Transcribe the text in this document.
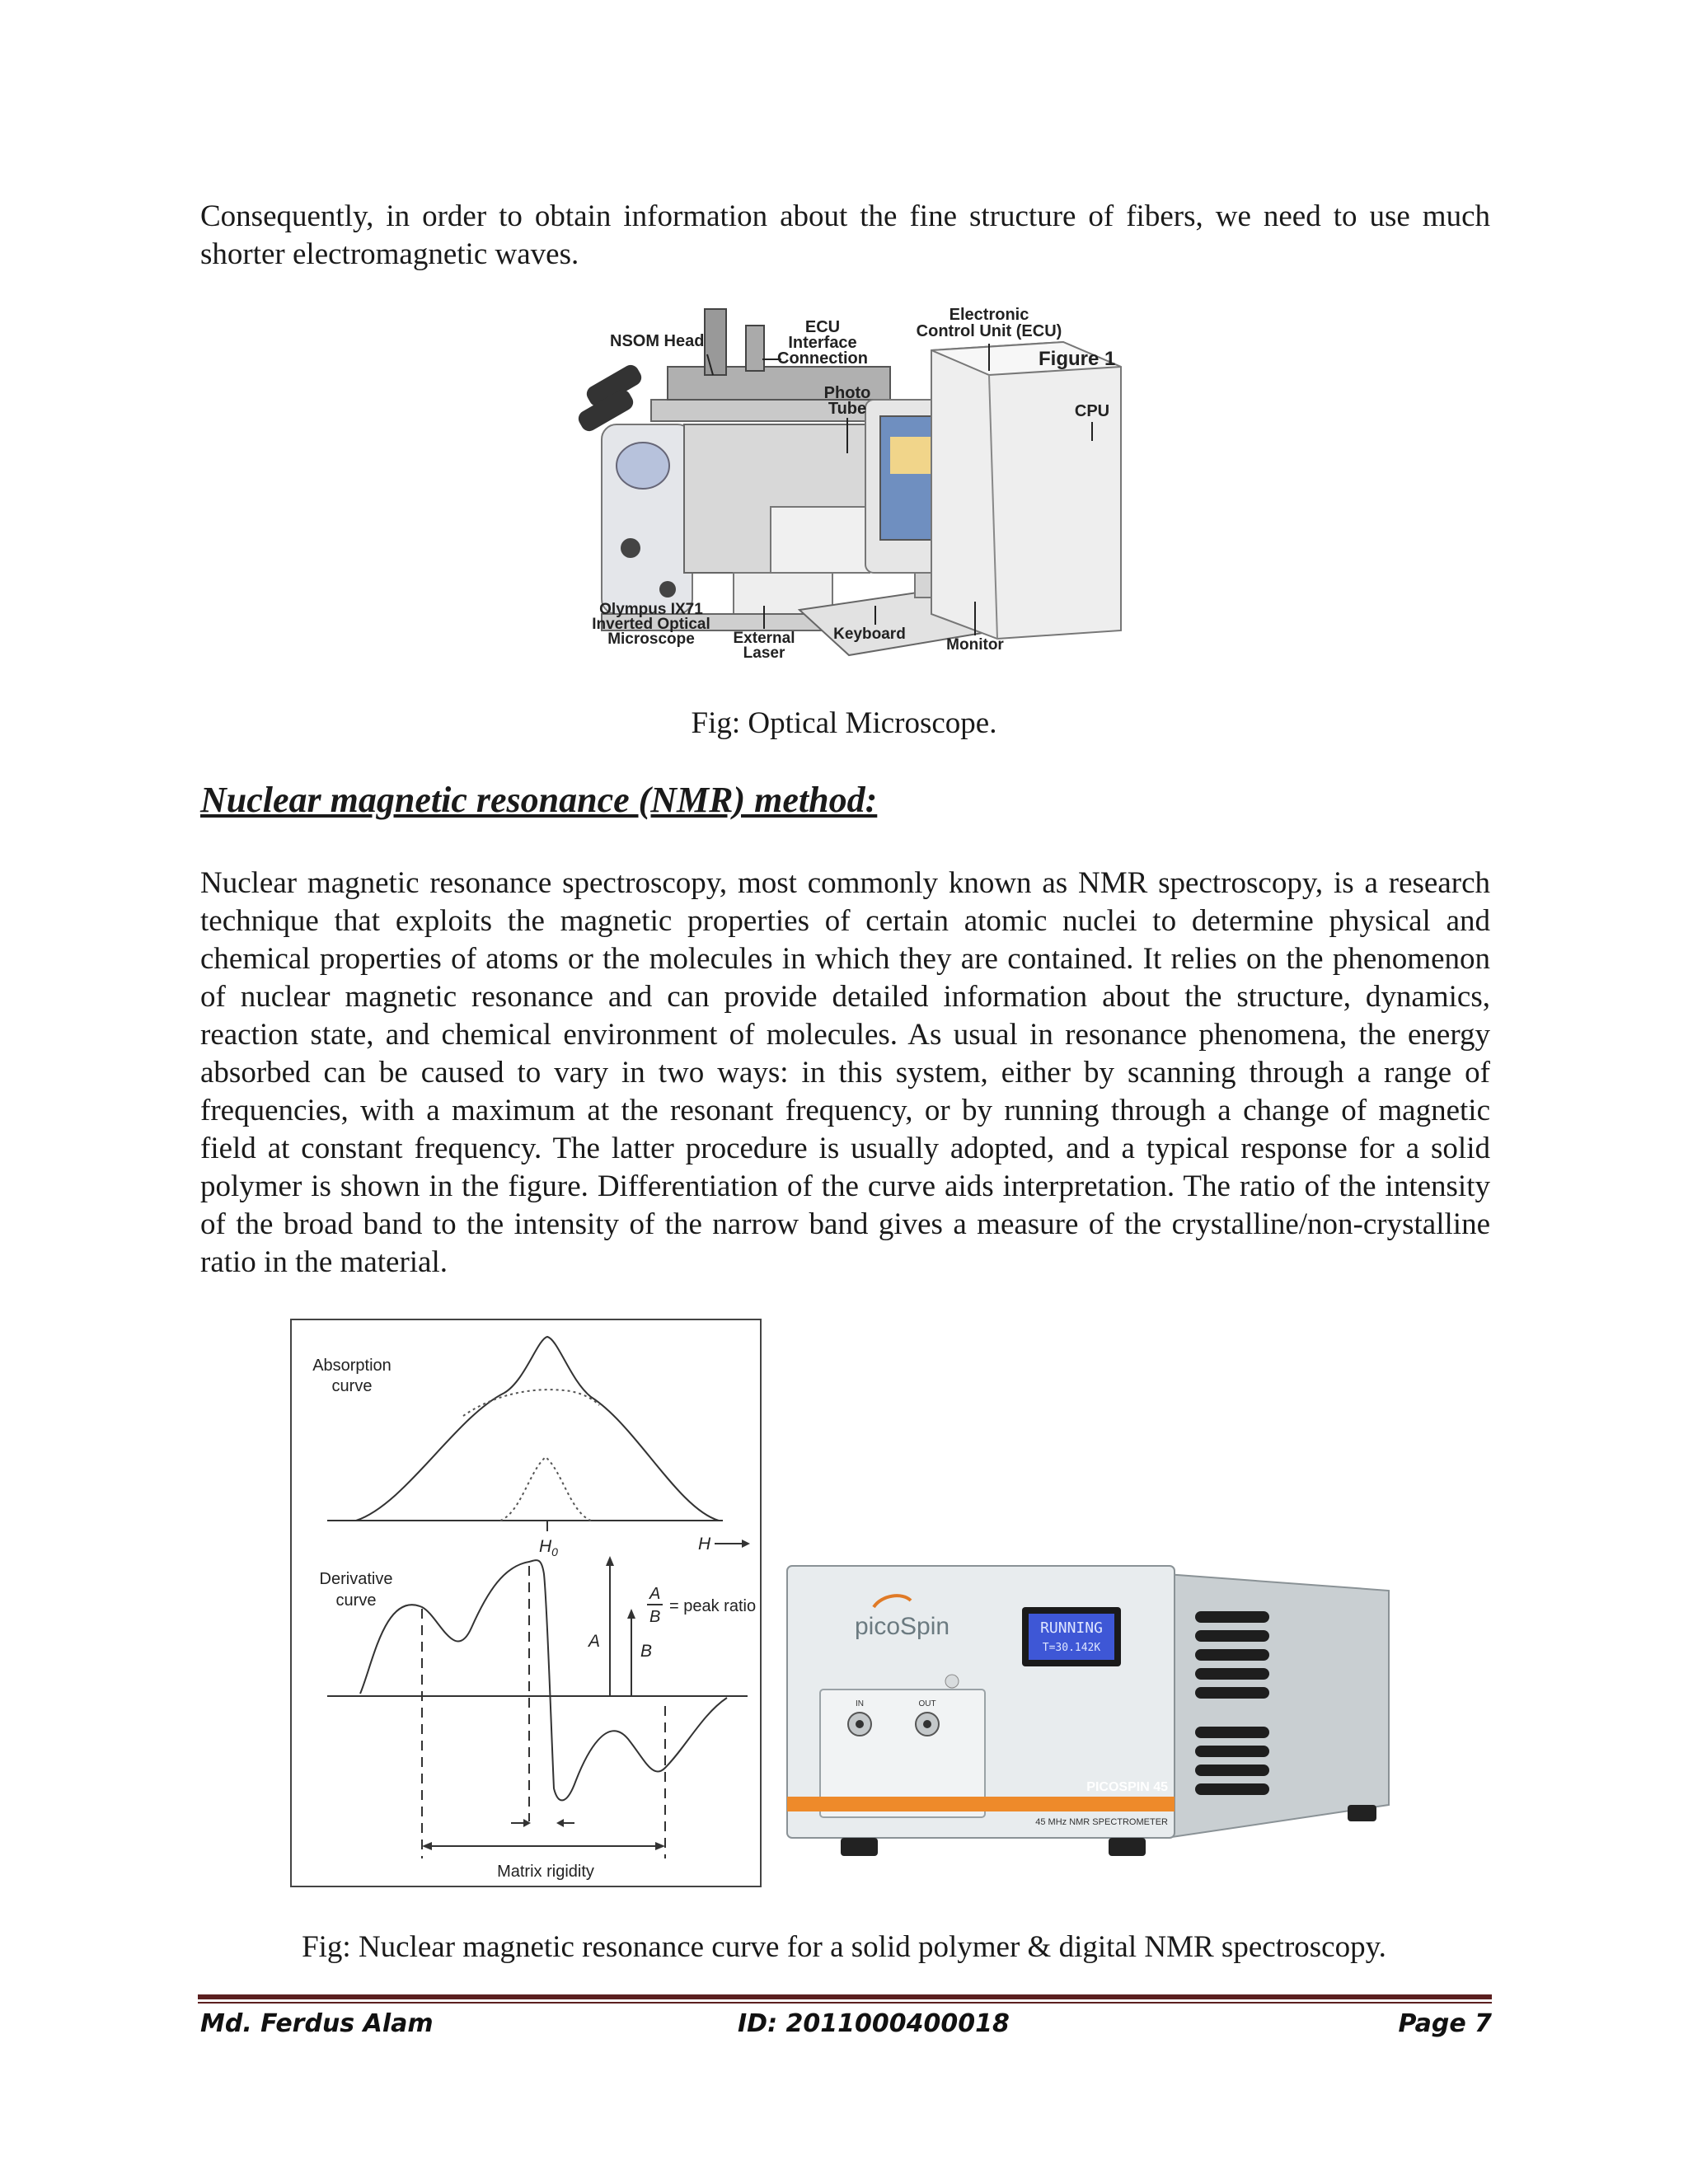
Consequently, in order to obtain information about the fine structure of fibers, we need to use much shorter electromagnetic waves.

NSOM Head
ECU
Interface
Connection
Electronic
Control Unit (ECU)
Figure 1
Photo
Tube	CPU
Olympus IX71
Inverted Optical
Microscope External
Laser
Keyboard
Monitor

Fig: Optical Microscope.

Nuclear magnetic resonance (NMR) method:

Nuclear magnetic resonance spectroscopy, most commonly known as NMR spectroscopy, is a research technique that exploits the magnetic properties of certain atomic nuclei to determine physical and chemical properties of atoms or the molecules in which they are contained. It relies on the phenomenon of nuclear magnetic resonance and can provide detailed information about the structure, dynamics, reaction state, and chemical environment of molecules. As usual in resonance phenomena, the energy absorbed can be caused to vary in two ways: in this system, either by scanning through a range of frequencies, with a maximum at the resonant frequency, or by running through a change of magnetic field at constant frequency. The latter procedure is usually adopted, and a typical response for a solid polymer is shown in the figure. Differentiation of the curve aids interpretation. The ratio of the intensity of the broad band to the intensity of the narrow band gives a measure of the crystalline/non-crystalline ratio in the material.

Absorption
curve
$H_0$	H
Derivative
curve
A
B
A
B
= peak ratio
Matrix rigidity
picoSpin	RUNNING
T=30.142K
IN	OUT
PICOSPIN 45
45 MHz NMR SPECTROMETER

Fig: Nuclear magnetic resonance curve for a solid polymer & digital NMR spectroscopy.

Md. Ferdus Alam	ID: 2011000400018	Page 7
